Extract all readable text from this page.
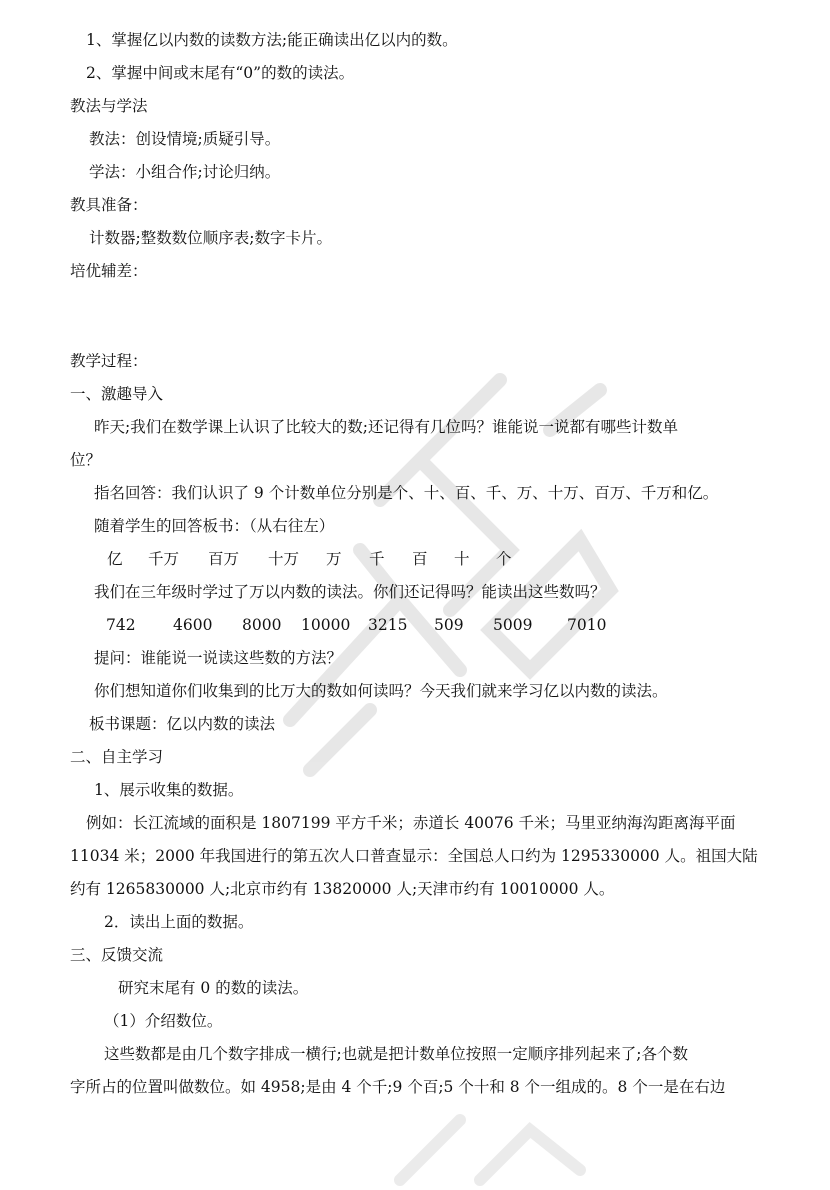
1、掌握亿以内数的读数方法;能正确读出亿以内的数。
2、掌握中间或末尾有“0”的数的读法。
教法与学法
教法：创设情境;质疑引导。
学法：小组合作;讨论归纳。
教具准备：
计数器;整数数位顺序表;数字卡片。
培优辅差：
教学过程：
一、激趣导入
昨天;我们在数学课上认识了比较大的数;还记得有几位吗？谁能说一说都有哪些计数单
位？
指名回答：我们认识了 9 个计数单位分别是个、十、百、千、万、十万、百万、千万和亿。
随着学生的回答板书：（从右往左）
亿 千万 百万 十万 万 千 百 十 个
我们在三年级时学过了万以内数的读法。你们还记得吗？能读出这些数吗？
742 4600 8000 10000 3215 509 5009 7010
提问：谁能说一说读这些数的方法？
你们想知道你们收集到的比万大的数如何读吗？今天我们就来学习亿以内数的读法。
板书课题：亿以内数的读法
二、自主学习
1、展示收集的数据。
例如：长江流域的面积是 1807199 平方千米；赤道长 40076 千米；马里亚纳海沟距离海平面
11034 米；2000 年我国进行的第五次人口普查显示：全国总人口约为 1295330000 人。祖国大陆
约有 1265830000 人;北京市约有 13820000 人;天津市约有 10010000 人。
2．读出上面的数据。
三、反馈交流
研究末尾有 0 的数的读法。
（1）介绍数位。
这些数都是由几个数字排成一横行;也就是把计数单位按照一定顺序排列起来了;各个数
字所占的位置叫做数位。如 4958;是由 4 个千;9 个百;5 个十和 8 个一组成的。8 个一是在右边
